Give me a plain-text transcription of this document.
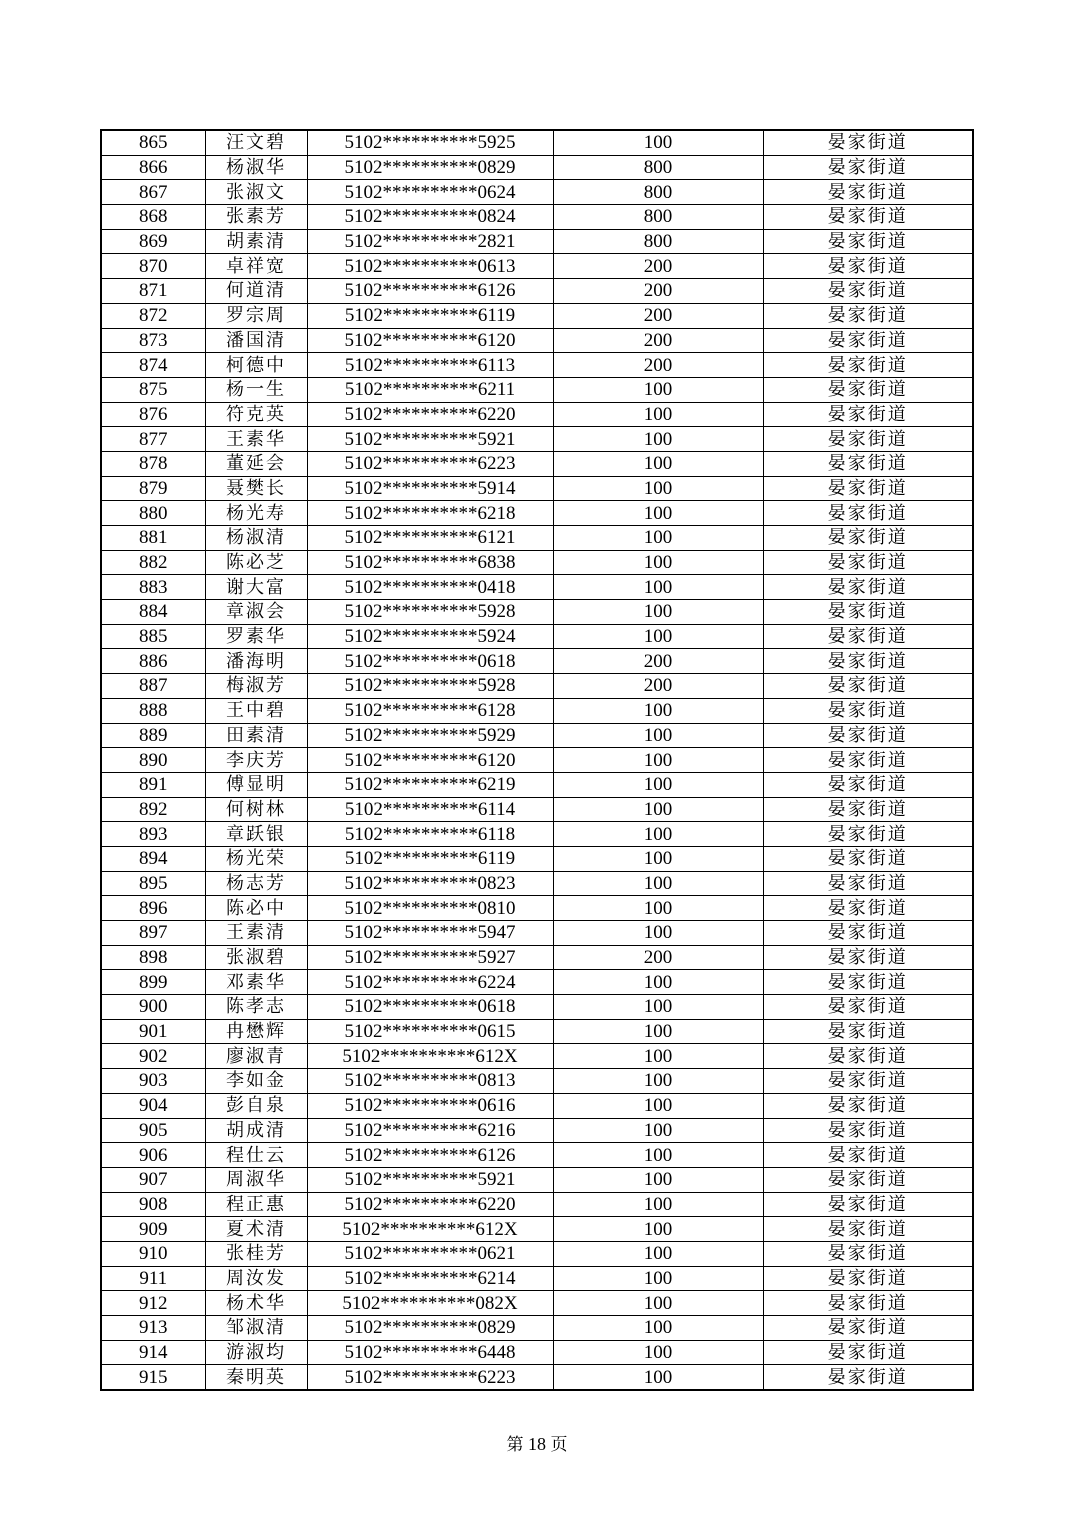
865	汪文碧	5102**********5925	100	晏家街道
866	杨淑华	5102**********0829	800	晏家街道
867	张淑文	5102**********0624	800	晏家街道
868	张素芳	5102**********0824	800	晏家街道
869	胡素清	5102**********2821	800	晏家街道
870	卓祥宽	5102**********0613	200	晏家街道
871	何道清	5102**********6126	200	晏家街道
872	罗宗周	5102**********6119	200	晏家街道
873	潘国清	5102**********6120	200	晏家街道
874	柯德中	5102**********6113	200	晏家街道
875	杨一生	5102**********6211	100	晏家街道
876	符克英	5102**********6220	100	晏家街道
877	王素华	5102**********5921	100	晏家街道
878	董延会	5102**********6223	100	晏家街道
879	聂樊长	5102**********5914	100	晏家街道
880	杨光寿	5102**********6218	100	晏家街道
881	杨淑清	5102**********6121	100	晏家街道
882	陈必芝	5102**********6838	100	晏家街道
883	谢大富	5102**********0418	100	晏家街道
884	章淑会	5102**********5928	100	晏家街道
885	罗素华	5102**********5924	100	晏家街道
886	潘海明	5102**********0618	200	晏家街道
887	梅淑芳	5102**********5928	200	晏家街道
888	王中碧	5102**********6128	100	晏家街道
889	田素清	5102**********5929	100	晏家街道
890	李庆芳	5102**********6120	100	晏家街道
891	傅显明	5102**********6219	100	晏家街道
892	何树林	5102**********6114	100	晏家街道
893	章跃银	5102**********6118	100	晏家街道
894	杨光荣	5102**********6119	100	晏家街道
895	杨志芳	5102**********0823	100	晏家街道
896	陈必中	5102**********0810	100	晏家街道
897	王素清	5102**********5947	100	晏家街道
898	张淑碧	5102**********5927	200	晏家街道
899	邓素华	5102**********6224	100	晏家街道
900	陈孝志	5102**********0618	100	晏家街道
901	冉懋辉	5102**********0615	100	晏家街道
902	廖淑青	5102**********612X	100	晏家街道
903	李如金	5102**********0813	100	晏家街道
904	彭自泉	5102**********0616	100	晏家街道
905	胡成清	5102**********6216	100	晏家街道
906	程仕云	5102**********6126	100	晏家街道
907	周淑华	5102**********5921	100	晏家街道
908	程正惠	5102**********6220	100	晏家街道
909	夏术清	5102**********612X	100	晏家街道
910	张桂芳	5102**********0621	100	晏家街道
911	周汝发	5102**********6214	100	晏家街道
912	杨术华	5102**********082X	100	晏家街道
913	邹淑清	5102**********0829	100	晏家街道
914	游淑均	5102**********6448	100	晏家街道
915	秦明英	5102**********6223	100	晏家街道
第 18 页
